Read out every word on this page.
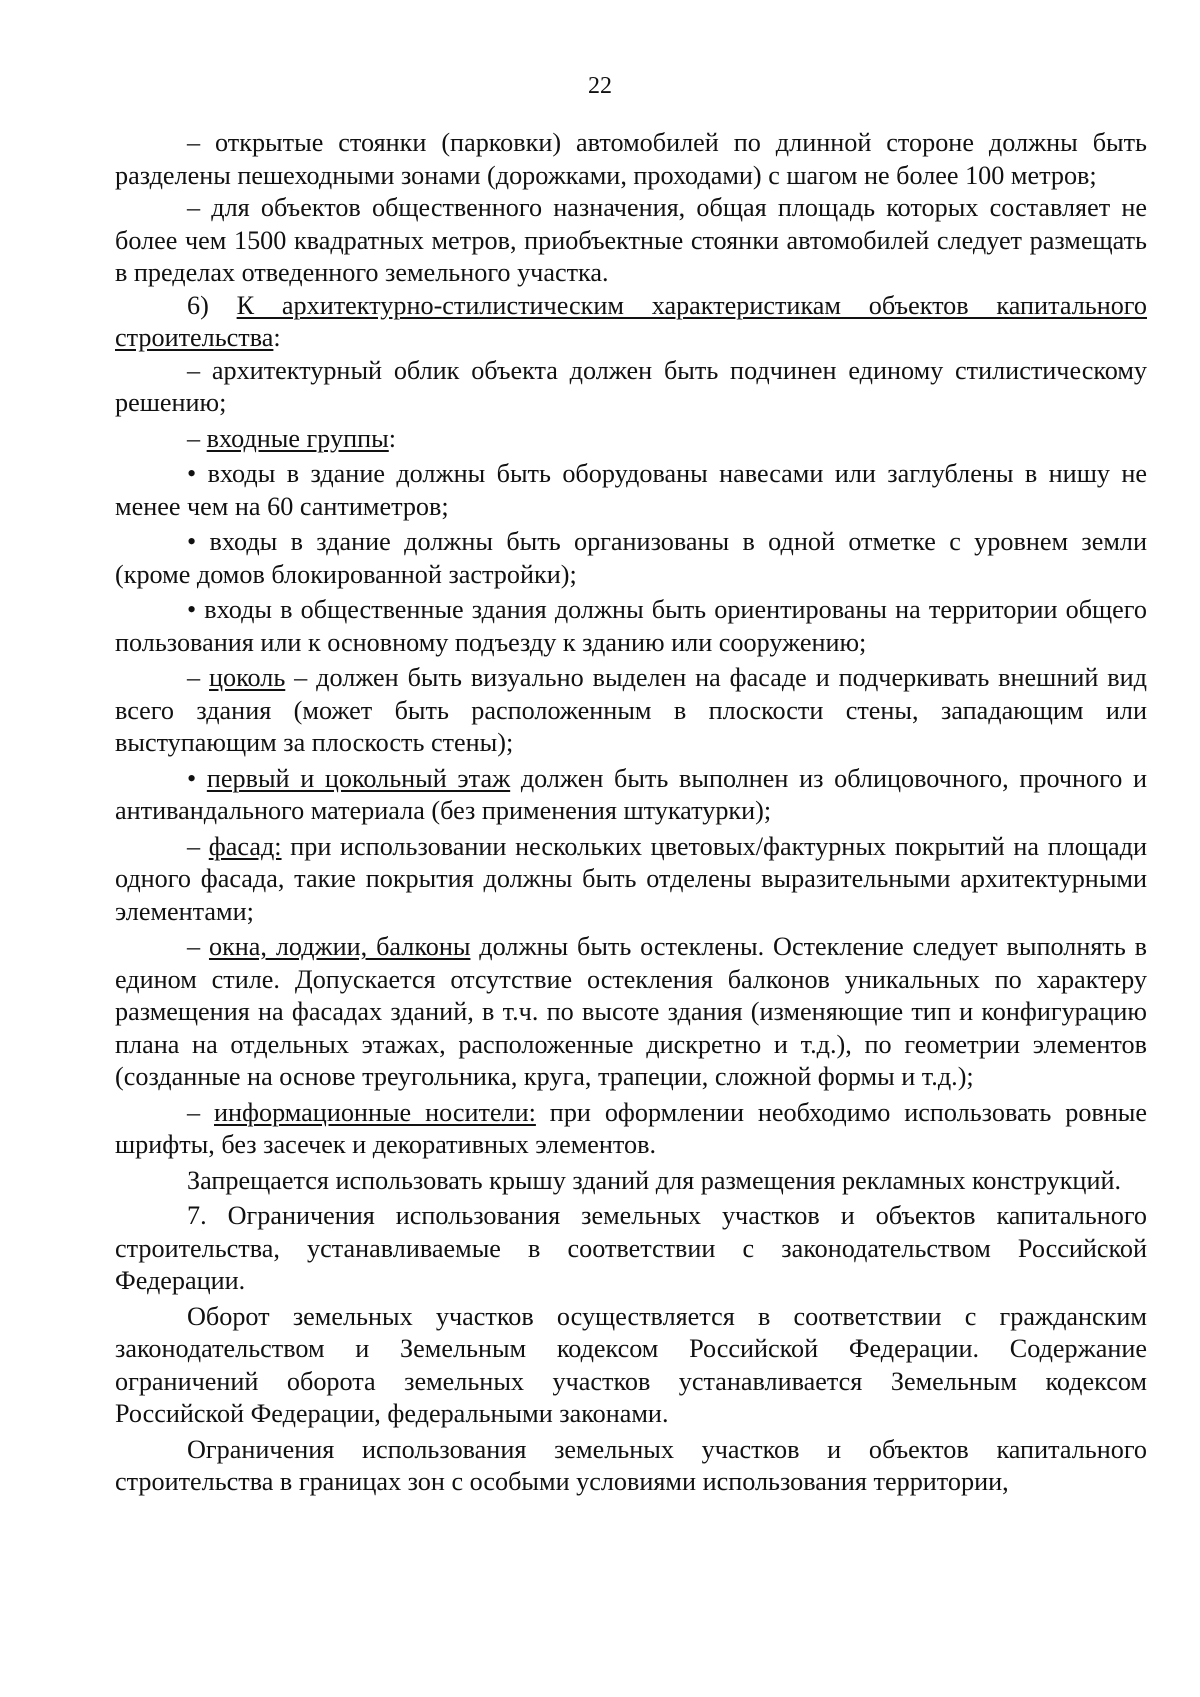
22

– открытые стоянки (парковки) автомобилей по длинной стороне должны быть разделены пешеходными зонами (дорожками, проходами) с шагом не более 100 метров;

– для объектов общественного назначения, общая площадь которых составляет не более чем 1500 квадратных метров, приобъектные стоянки автомобилей следует размещать в пределах отведенного земельного участка.

6) К архитектурно-стилистическим характеристикам объектов капитального строительства:

– архитектурный облик объекта должен быть подчинен единому стилистическому решению;

– входные группы:

• входы в здание должны быть оборудованы навесами или заглублены в нишу не менее чем на 60 сантиметров;

• входы в здание должны быть организованы в одной отметке с уровнем земли (кроме домов блокированной застройки);

• входы в общественные здания должны быть ориентированы на территории общего пользования или к основному подъезду к зданию или сооружению;

– цоколь – должен быть визуально выделен на фасаде и подчеркивать внешний вид всего здания (может быть расположенным в плоскости стены, западающим или выступающим за плоскость стены);

• первый и цокольный этаж должен быть выполнен из облицовочного, прочного и антивандального материала (без применения штукатурки);

– фасад: при использовании нескольких цветовых/фактурных покрытий на площади одного фасада, такие покрытия должны быть отделены выразительными архитектурными элементами;

– окна, лоджии, балконы должны быть остеклены. Остекление следует выполнять в едином стиле. Допускается отсутствие остекления балконов уникальных по характеру размещения на фасадах зданий, в т.ч. по высоте здания (изменяющие тип и конфигурацию плана на отдельных этажах, расположенные дискретно и т.д.), по геометрии элементов (созданные на основе треугольника, круга, трапеции, сложной формы и т.д.);

– информационные носители: при оформлении необходимо использовать ровные шрифты, без засечек и декоративных элементов.

Запрещается использовать крышу зданий для размещения рекламных конструкций.

7. Ограничения использования земельных участков и объектов капитального строительства, устанавливаемые в соответствии с законодательством Российской Федерации.

Оборот земельных участков осуществляется в соответствии с гражданским законодательством и Земельным кодексом Российской Федерации. Содержание ограничений оборота земельных участков устанавливается Земельным кодексом Российской Федерации, федеральными законами.

Ограничения использования земельных участков и объектов капитального строительства в границах зон с особыми условиями использования территории,
